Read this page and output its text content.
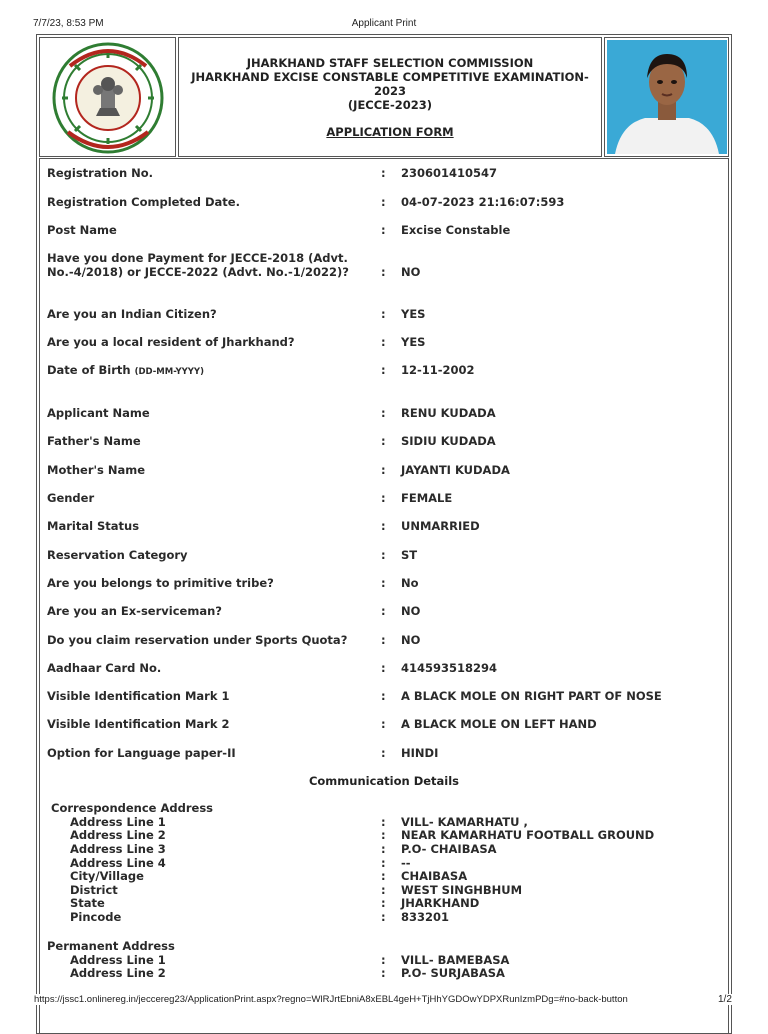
7/7/23, 8:53 PM	Applicant Print
JHARKHAND STAFF SELECTION COMMISSION
JHARKHAND EXCISE CONSTABLE COMPETITIVE EXAMINATION-2023
(JECCE-2023)
APPLICATION FORM
Registration No.	: 230601410547
Registration Completed Date.	: 04-07-2023 21:16:07:593
Post Name	: Excise Constable
Have you done Payment for JECCE-2018 (Advt. No.-4/2018) or JECCE-2022 (Advt. No.-1/2022)?	: NO
Are you an Indian Citizen?	: YES
Are you a local resident of Jharkhand?	: YES
Date of Birth (DD-MM-YYYY)	: 12-11-2002
Applicant Name	: RENU KUDADA
Father's Name	: SIDIU KUDADA
Mother's Name	: JAYANTI KUDADA
Gender	: FEMALE
Marital Status	: UNMARRIED
Reservation Category	: ST
Are you belongs to primitive tribe?	: No
Are you an Ex-serviceman?	: NO
Do you claim reservation under Sports Quota?	: NO
Aadhaar Card No.	: 414593518294
Visible Identification Mark 1	: A BLACK MOLE ON RIGHT PART OF NOSE
Visible Identification Mark 2	: A BLACK MOLE ON LEFT HAND
Option for Language paper-II	: HINDI
Communication Details
Correspondence Address
Address Line 1	: VILL- KAMARHATU ,
Address Line 2	: NEAR KAMARHATU FOOTBALL GROUND
Address Line 3	: P.O- CHAIBASA
Address Line 4	: --
City/Village	: CHAIBASA
District	: WEST SINGHBHUM
State	: JHARKHAND
Pincode	: 833201
Permanent Address
Address Line 1	: VILL- BAMEBASA
Address Line 2	: P.O- SURJABASA
https://jssc1.onlinereg.in/jeccereg23/ApplicationPrint.aspx?regno=WlRJrtEbniA8xEBL4geH+TjHhYGDOwYDPXRunIzmPDg=#no-back-button	1/2
